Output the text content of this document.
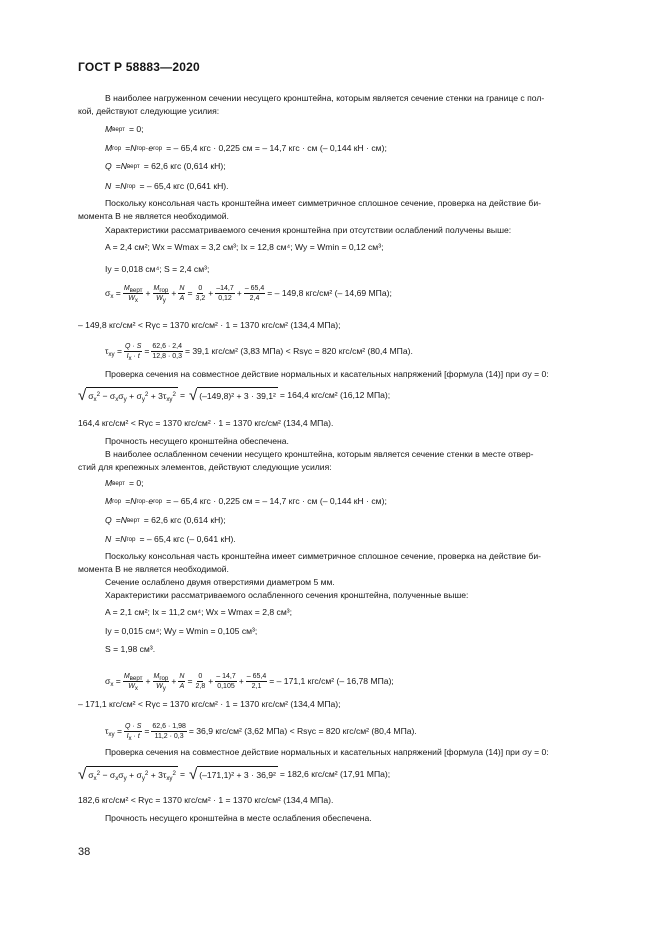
ГОСТ Р 58883—2020
В наиболее нагруженном сечении несущего кронштейна, которым является сечение стенки на границе с пол-
кой, действуют следующие усилия:
M верт = 0;
M гор = N гор · e гор = – 65,4 кгс · 0,225 см = – 14,7 кгс · см (– 0,144 кН · см);
Q = N верт = 62,6 кгс (0,614 кН);
N = N гор = – 65,4 кгс (0,641 кН).
Поскольку консольная часть кронштейна имеет симметричное сплошное сечение, проверка на действие би-
момента B не является необходимой.
Характеристики рассматриваемого сечения кронштейна при отсутствии ослаблений получены выше:
A = 2,4 см²; Wx = Wmax = 3,2 см³; Ix = 12,8 см⁴; Wy = Wmin = 0,12 см³;
Iy = 0,018 см⁴; S = 2,4 см³;
$\sigma_x = M_{верт}$
$W_x$
+ $M_{гор}$
$W_y$
+ N
A
= 0
3,2
+ –14,7
0,12
+ $\frac{- 65,4}{2,4}$ = – 149,8 кгс/см² (– 14,69 МПа);
– 149,8 кгс/см² < Rγc = 1370 кгс/см² · 1 = 1370 кгс/см² (134,4 МПа);
$\tau_{xy} = \frac{Q \cdot S}{I_x \cdot t} = \frac{62,6 \cdot 2,4}{12,8 \cdot 0,3} = 39,1$ кгс/см² (3,83 МПа) < Rsγc = 820 кгс/см² (80,4 МПа).
Проверка сечения на совместное действие нормальных и касательных напряжений [формула (14)] при σy = 0:
√ $\sigma_x^2 - \sigma_x\sigma_y + \sigma_y^2 + 3\tau_{xy}^2$ = √ (–149,8)² + 3 · 39,1² = 164,4 кгс/см² (16,12 МПа);
164,4 кгс/см² < Rγc = 1370 кгс/см² · 1 = 1370 кгс/см² (134,4 МПа).
Прочность несущего кронштейна обеспечена.
В наиболее ослабленном сечении несущего кронштейна, которым является сечение стенки в месте отвер-
стий для крепежных элементов, действуют следующие усилия:
M верт = 0;
M гор = N гор · e гор = – 65,4 кгс · 0,225 см = – 14,7 кгс · см (– 0,144 кН · см);
Q = N верт = 62,6 кгс (0,614 кН);
N = N гор = – 65,4 кгс (– 0,641 кН).
Поскольку консольная часть кронштейна имеет симметричное сплошное сечение, проверка на действие би-
момента B не является необходимой.
Сечение ослаблено двумя отверстиями диаметром 5 мм.
Характеристики рассматриваемого ослабленного сечения кронштейна, полученные выше:
A = 2,1 см²; Ix = 11,2 см⁴; Wx = Wmax = 2,8 см³;
Iy = 0,015 см⁴; Wy = Wmin = 0,105 см³;
S = 1,98 см³.
$\sigma_x = M_{верт}$
$W_x$
+ $M_{гор}$
$W_y$
+ N
A
= 0
2,8
+ – 14,7
0,105
+ $\frac{- 65,4}{2,1}$ = – 171,1 кгс/см² (– 16,78 МПа);
– 171,1 кгс/см² < Rγc = 1370 кгс/см² · 1 = 1370 кгс/см² (134,4 МПа);
$\tau_{xy} = \frac{Q \cdot S}{I_x \cdot t} = \frac{62,6 \cdot 1,98}{11,2 \cdot 0,3} = 36,9$ кгс/см² (3,62 МПа) < Rsγc = 820 кгс/см² (80,4 МПа).
Проверка сечения на совместное действие нормальных и касательных напряжений [формула (14)] при σy = 0:
√ $\sigma_x^2 - \sigma_x\sigma_y + \sigma_y^2 + 3\tau_{xy}^2$ = √ (–171,1)² + 3 · 36,9² = 182,6 кгс/см² (17,91 МПа);
182,6 кгс/см² < Rγc = 1370 кгс/см² · 1 = 1370 кгс/см² (134,4 МПа).
Прочность несущего кронштейна в месте ослабления обеспечена.
38
